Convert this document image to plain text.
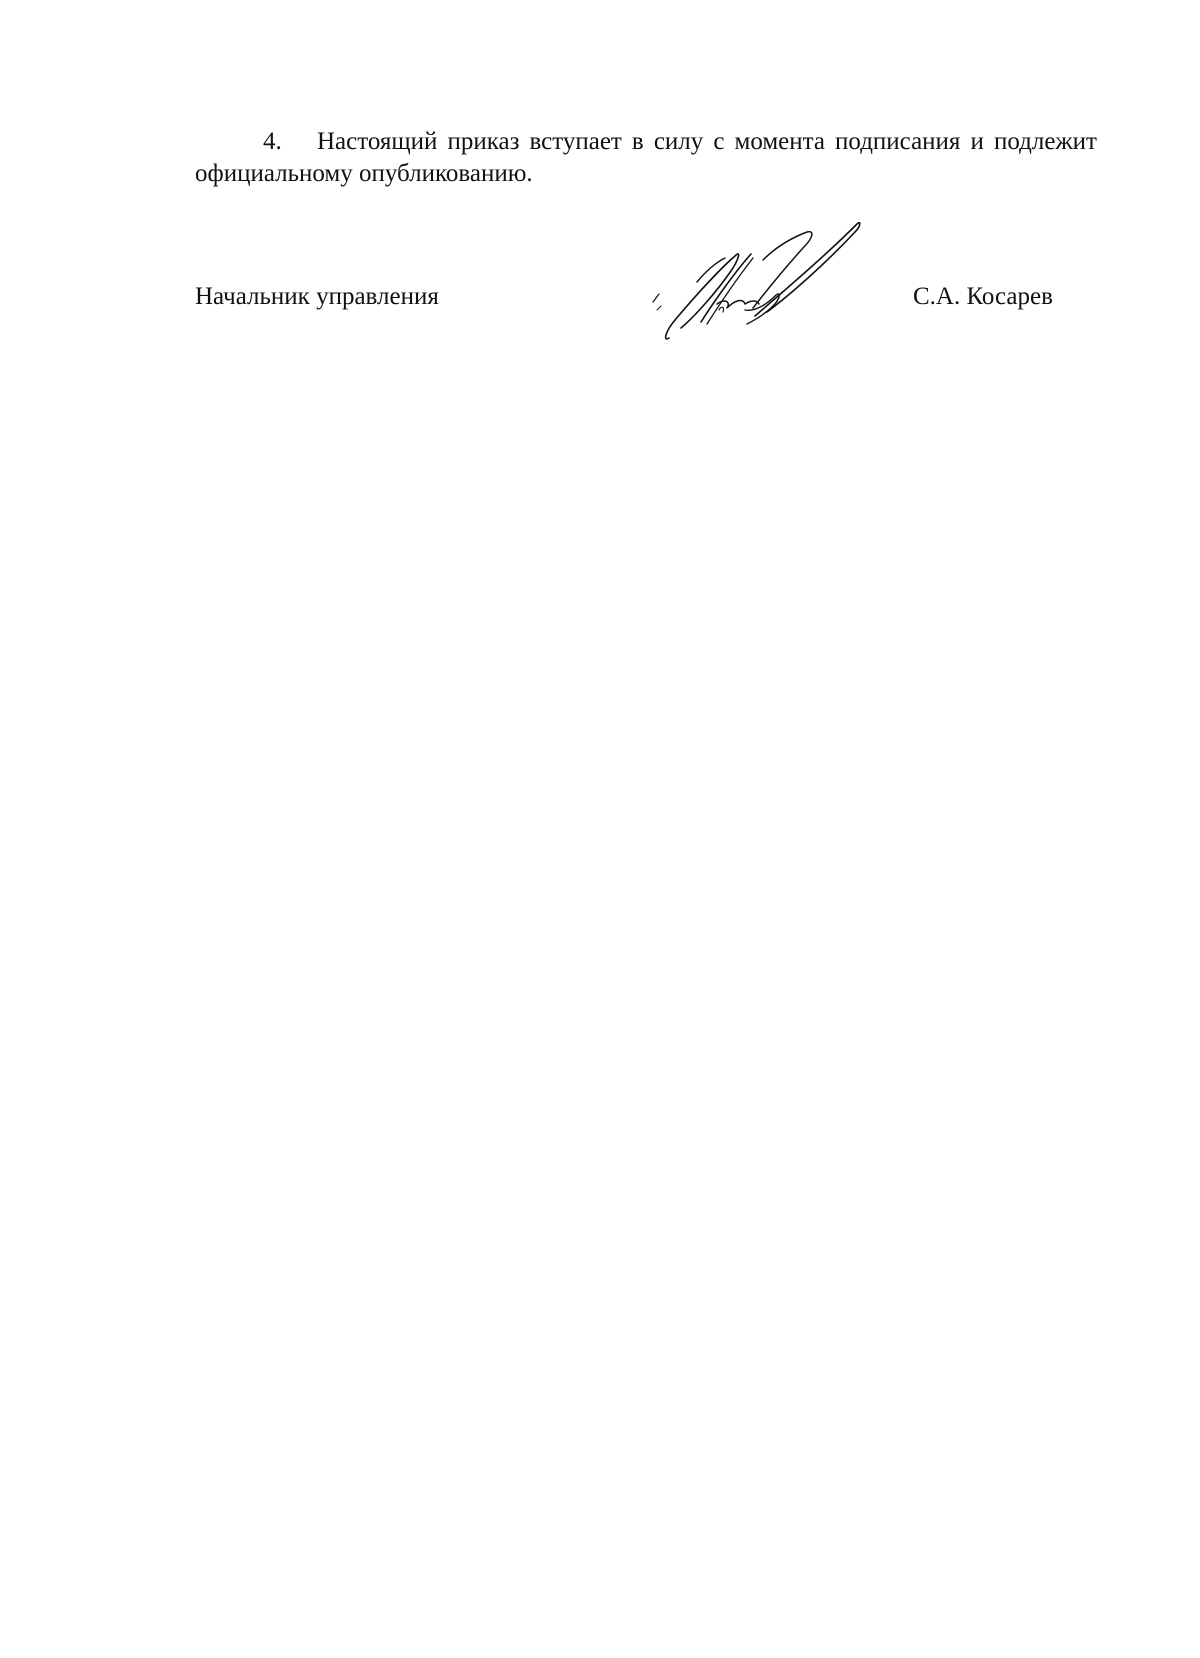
4. Настоящий приказ вступает в силу с момента подписания и подлежит официальному опубликованию.

Начальник управления	С.А. Косарев
